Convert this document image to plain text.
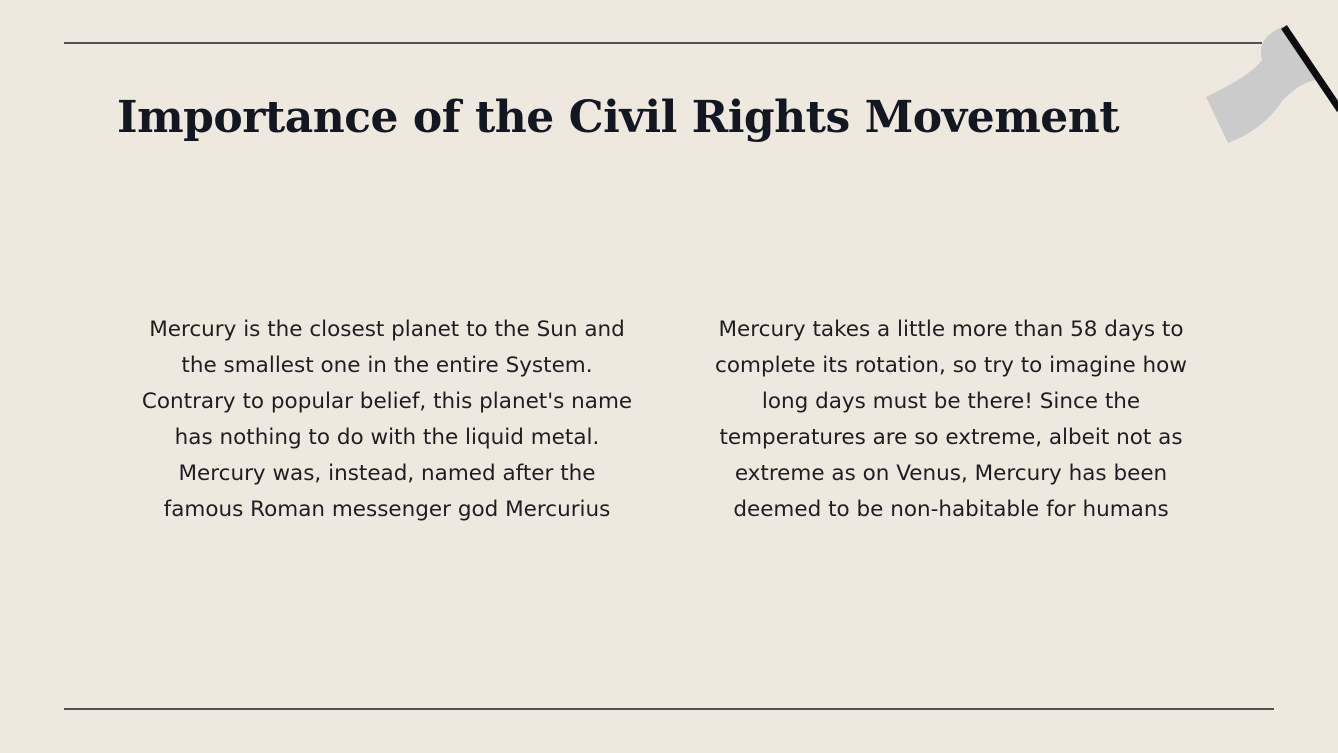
Importance of the Civil Rights Movement

Mercury is the closest planet to the Sun and the smallest one in the entire System. Contrary to popular belief, this planet's name has nothing to do with the liquid metal. Mercury was, instead, named after the famous Roman messenger god Mercurius

Mercury takes a little more than 58 days to complete its rotation, so try to imagine how long days must be there! Since the temperatures are so extreme, albeit not as extreme as on Venus, Mercury has been deemed to be non-habitable for humans
